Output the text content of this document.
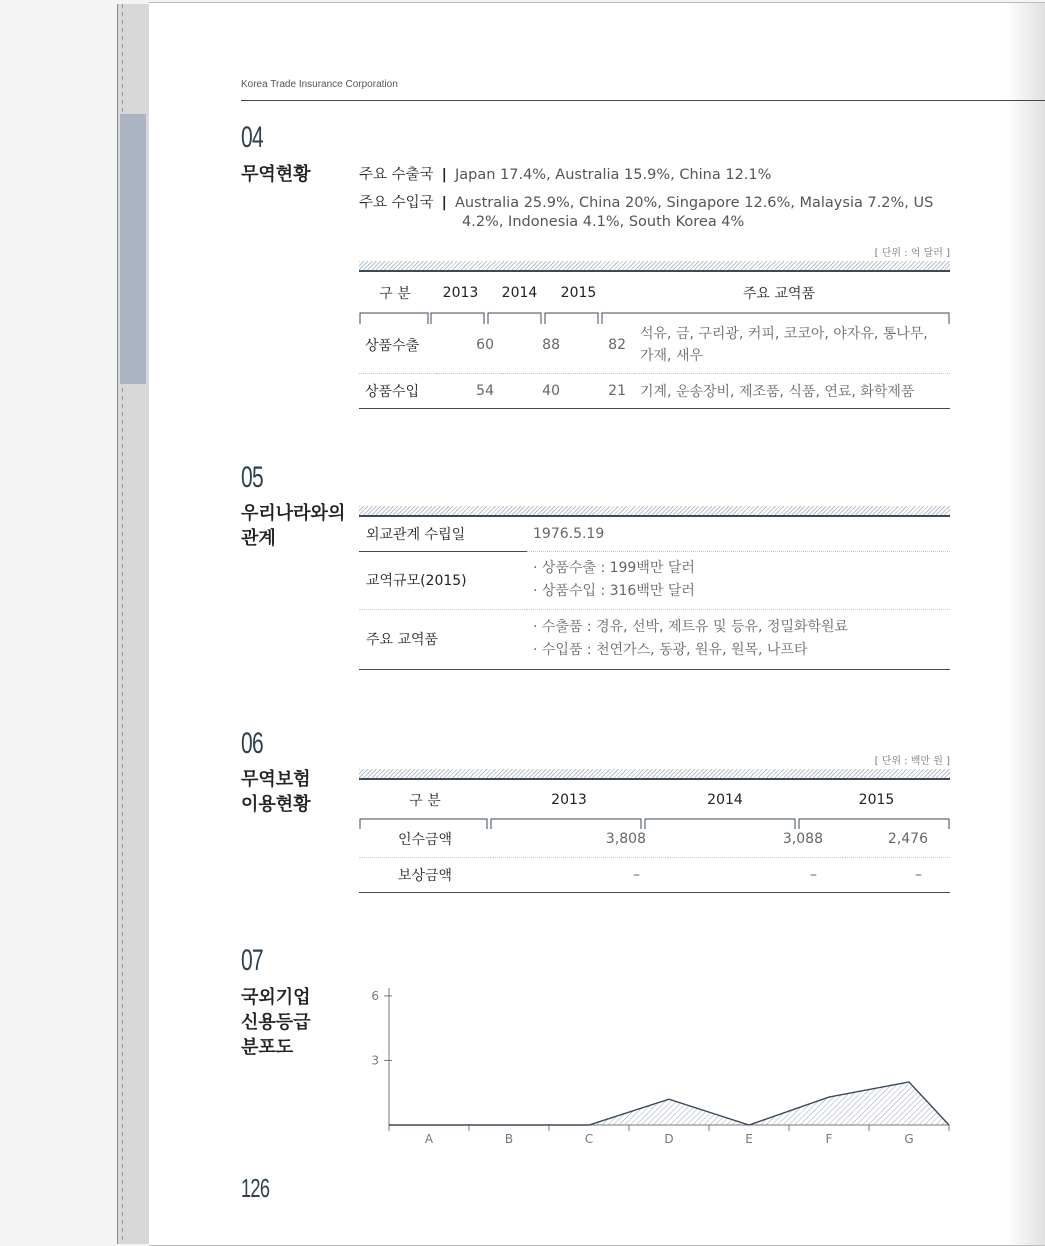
Korea Trade Insurance Corporation
04
무역현황	주요 수출국 | Japan 17.4%, Australia 15.9%, China 12.1%
주요 수입국 | Australia 25.9%, China 20%, Singapore 12.6%, Malaysia 7.2%, US
4.2%, Indonesia 4.1%, South Korea 4%
[ 단위 : 억 달러 ]
구 분	2013	2014	2015	주요 교역품
상품수출	60	88	82	석유, 금, 구리광, 커피, 코코아, 야자유, 통나무,
가재, 새우

상품수입	54	40	21	기계, 운송장비, 제조품, 식품, 연료, 화학제품
05
우리나라와의
관계	외교관계 수립일	1976.5.19
교역규모(2015)	· 상품수출 : 199백만 달러
· 상품수입 : 316백만 달러

주요 교역품	· 수출품 : 경유, 선박, 제트유 및 등유, 정밀화학원료
· 수입품 : 천연가스, 동광, 원유, 원목, 나프타
06
무역보험
이용현황
[ 단위 : 백만 원 ]
구 분	2013	2014	2015
인수금액	3,808	3,088	2,476
보상금액	–	–	–
07
국외기업
신용등급
분포도
3
6
A	B	C	D	E	F	G
126
